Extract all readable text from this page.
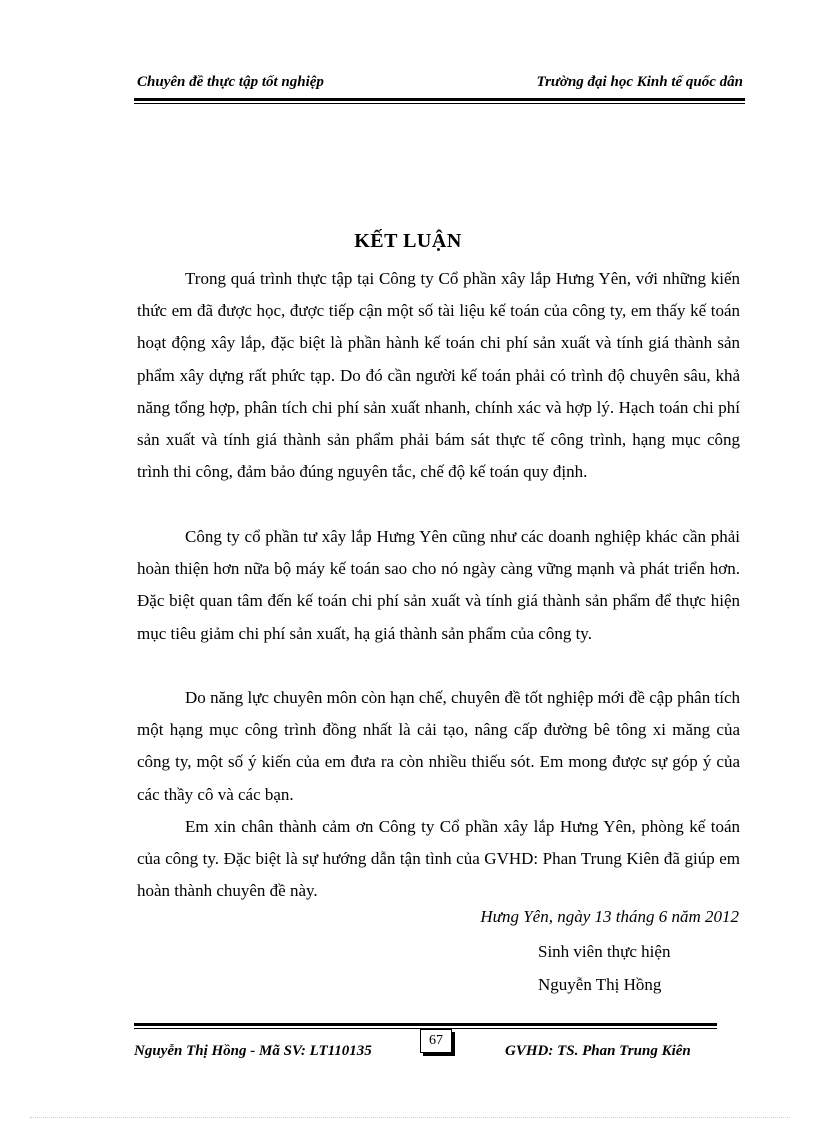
Chuyên đề thực tập tốt nghiệp	Trường đại học Kinh tế quốc dân
KẾT LUẬN

Trong quá trình thực tập tại Công ty Cổ phần xây lắp Hưng Yên, với những kiến thức em đã được học, được tiếp cận một số tài liệu kế toán của công ty, em thấy kế toán hoạt động xây lắp, đặc biệt là phần hành kế toán chi phí sản xuất và tính giá thành sản phẩm xây dựng rất phức tạp. Do đó cần người kế toán phải có trình độ chuyên sâu, khả năng tổng hợp, phân tích chi phí sản xuất nhanh, chính xác và hợp lý. Hạch toán chi phí sản xuất và tính giá thành sản phẩm phải bám sát thực tế công trình, hạng mục công trình thi công, đảm bảo đúng nguyên tắc, chế độ kế toán quy định.

Công ty cổ phần tư xây lắp Hưng Yên cũng như các doanh nghiệp khác cần phải hoàn thiện hơn nữa bộ máy kế toán sao cho nó ngày càng vững mạnh và phát triển hơn. Đặc biệt quan tâm đến kế toán chi phí sản xuất và tính giá thành sản phẩm để thực hiện mục tiêu giảm chi phí sản xuất, hạ giá thành sản phẩm của công ty.

Do năng lực chuyên môn còn hạn chế, chuyên đề tốt nghiệp mới đề cập phân tích một hạng mục công trình đồng nhất là cải tạo, nâng cấp đường bê tông xi măng của công ty, một số ý kiến của em đưa ra còn nhiều thiếu sót. Em mong được sự góp ý của các thầy cô và các bạn.

Em xin chân thành cảm ơn Công ty Cổ phần xây lắp Hưng Yên, phòng kế toán của công ty. Đặc biệt là sự hướng dẫn tận tình của GVHD: Phan Trung Kiên đã giúp em hoàn thành chuyên đề này.

Hưng Yên, ngày 13 tháng 6 năm 2012
Sinh viên thực hiện
Nguyễn Thị Hồng
Nguyễn Thị Hồng - Mã SV: LT110135
67
GVHD: TS. Phan Trung Kiên
